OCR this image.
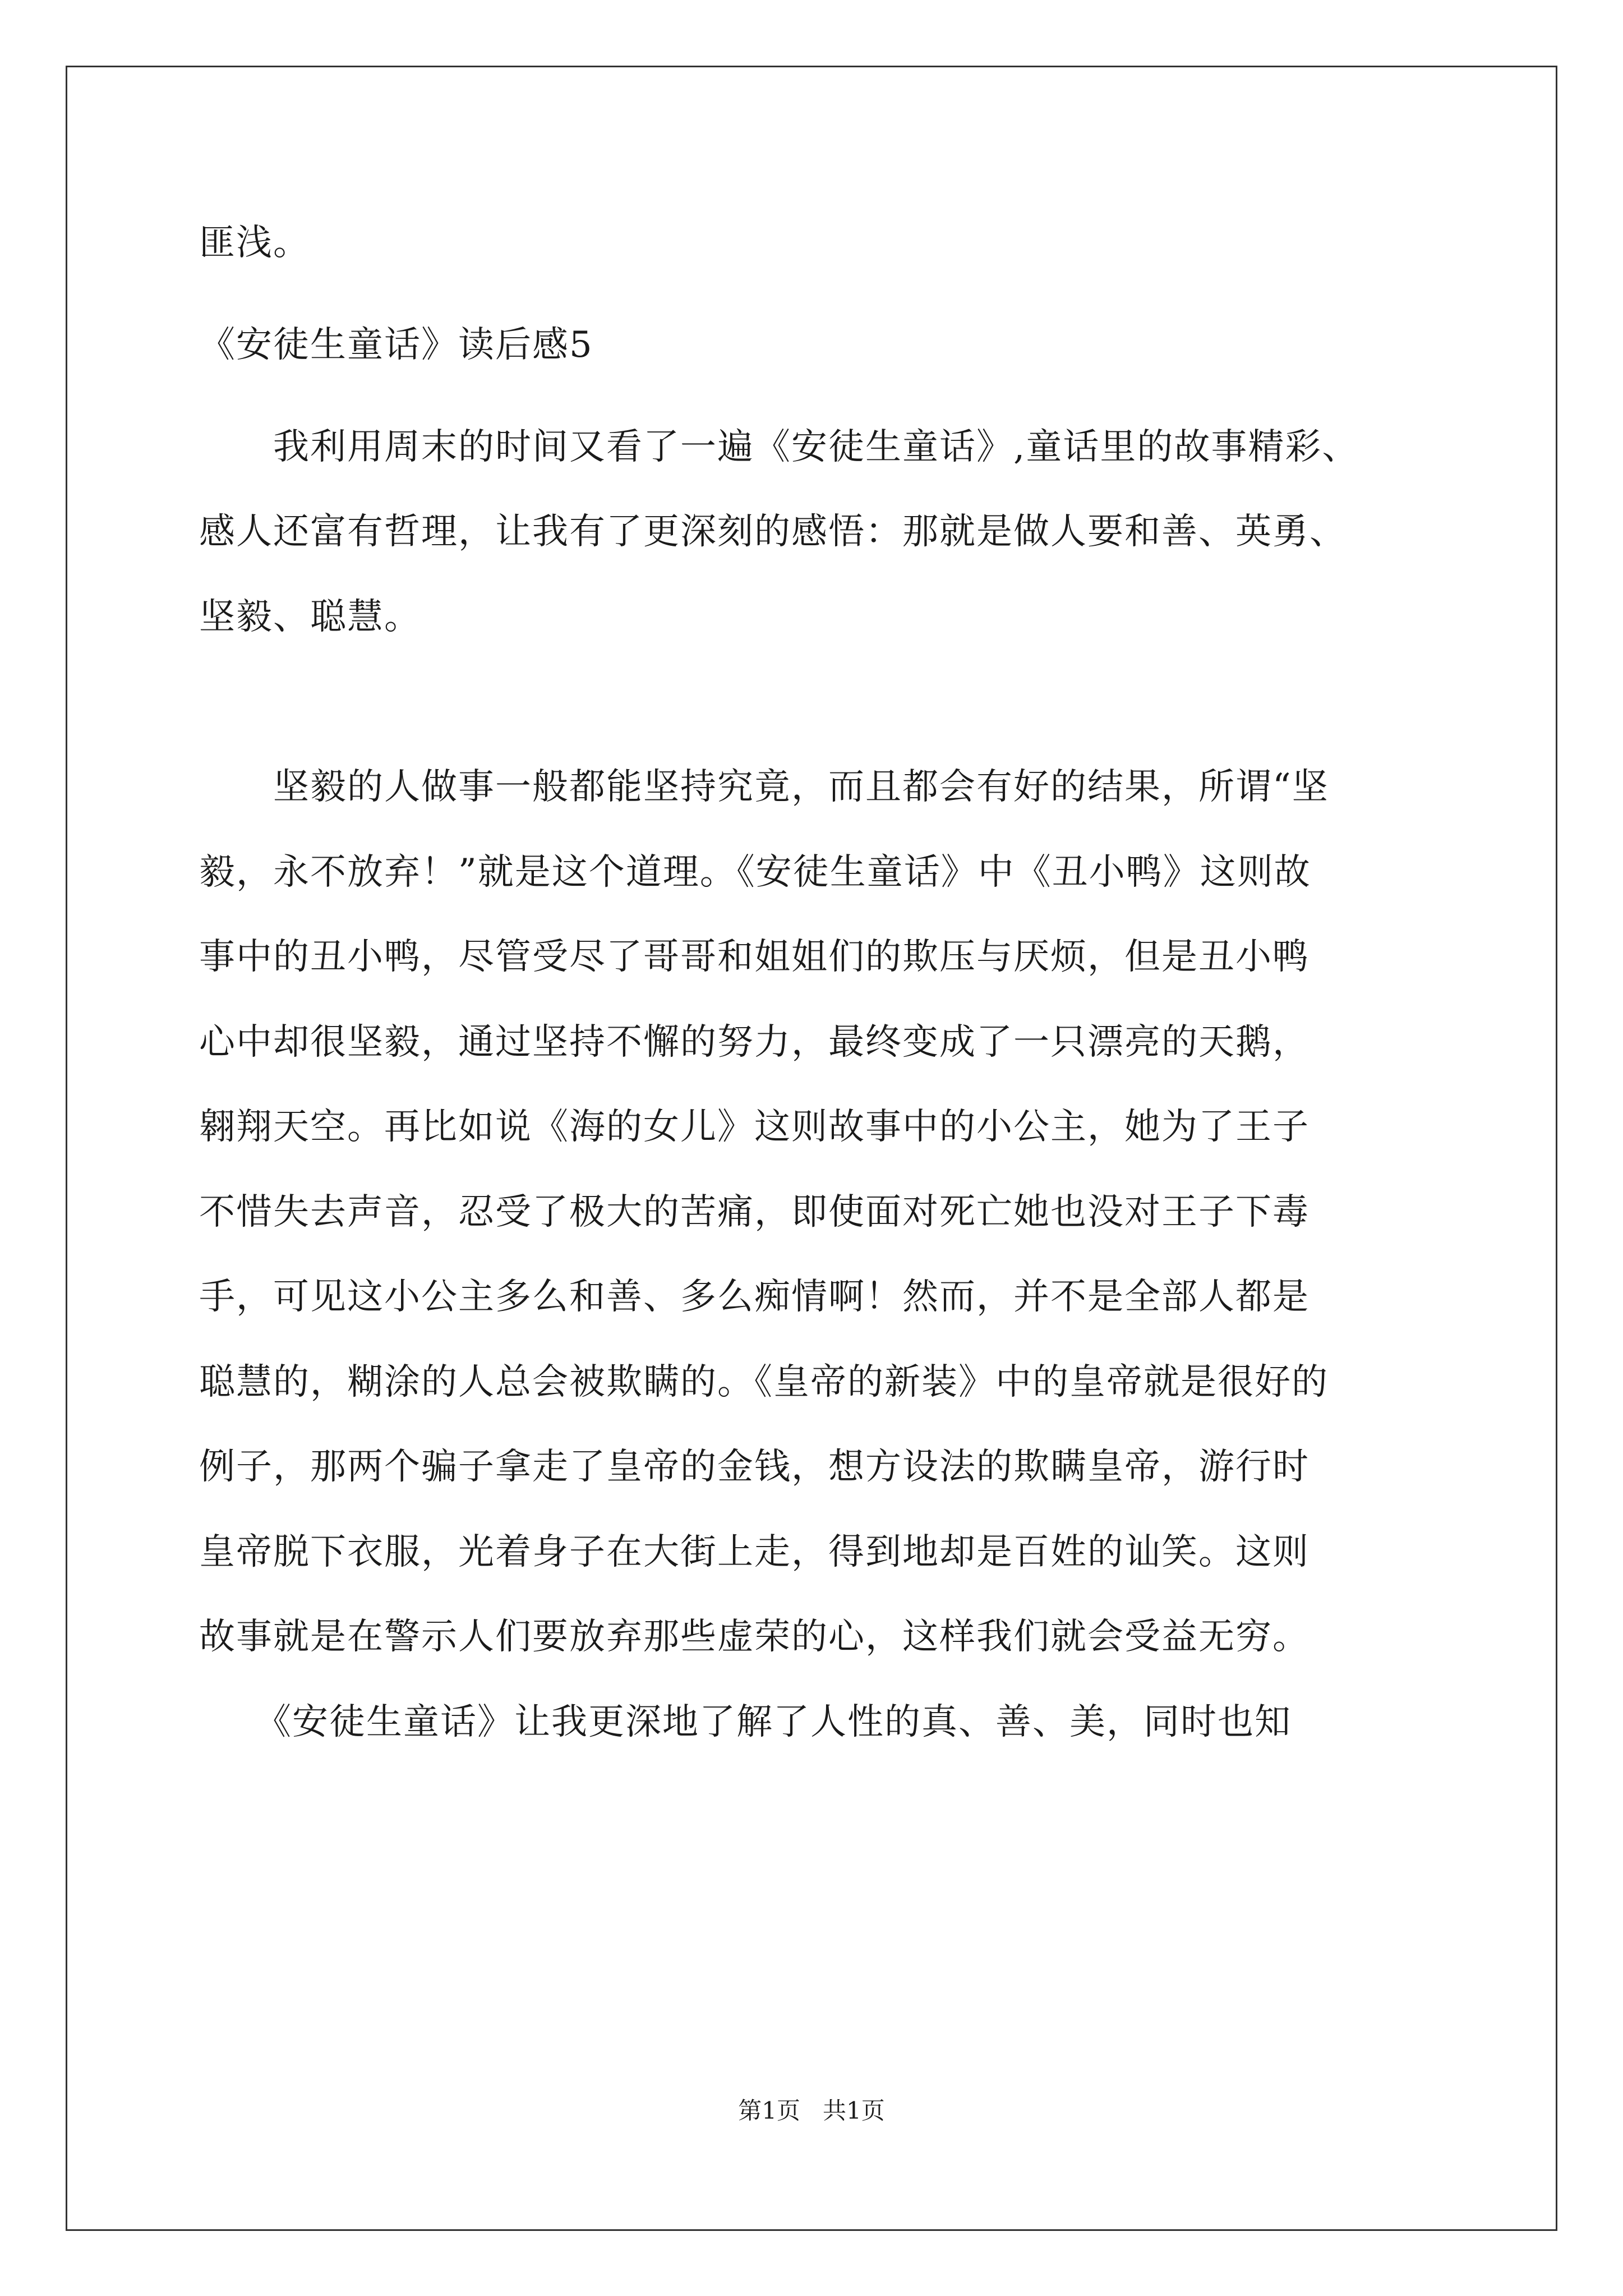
匪浅。
《安徒生童话》读后感5
　　我利用周末的时间又看了一遍《安徒生童话》,童话里的故事精彩、
感人还富有哲理，让我有了更深刻的感悟：那就是做人要和善、英勇、
坚毅、聪慧。
　　坚毅的人做事一般都能坚持究竟，而且都会有好的结果，所谓“坚
毅，永不放弃！”就是这个道理。《安徒生童话》中《丑小鸭》这则故
事中的丑小鸭，尽管受尽了哥哥和姐姐们的欺压与厌烦，但是丑小鸭
心中却很坚毅，通过坚持不懈的努力，最终变成了一只漂亮的天鹅，
翱翔天空。再比如说《海的女儿》这则故事中的小公主，她为了王子
不惜失去声音，忍受了极大的苦痛，即使面对死亡她也没对王子下毒
手，可见这小公主多么和善、多么痴情啊！然而，并不是全部人都是
聪慧的，糊涂的人总会被欺瞒的。《皇帝的新装》中的皇帝就是很好的
例子，那两个骗子拿走了皇帝的金钱，想方设法的欺瞒皇帝，游行时
皇帝脱下衣服，光着身子在大街上走，得到地却是百姓的讪笑。这则
故事就是在警示人们要放弃那些虚荣的心，这样我们就会受益无穷。
　　《安徒生童话》让我更深地了解了人性的真、善、美，同时也知
第1页 共1页
